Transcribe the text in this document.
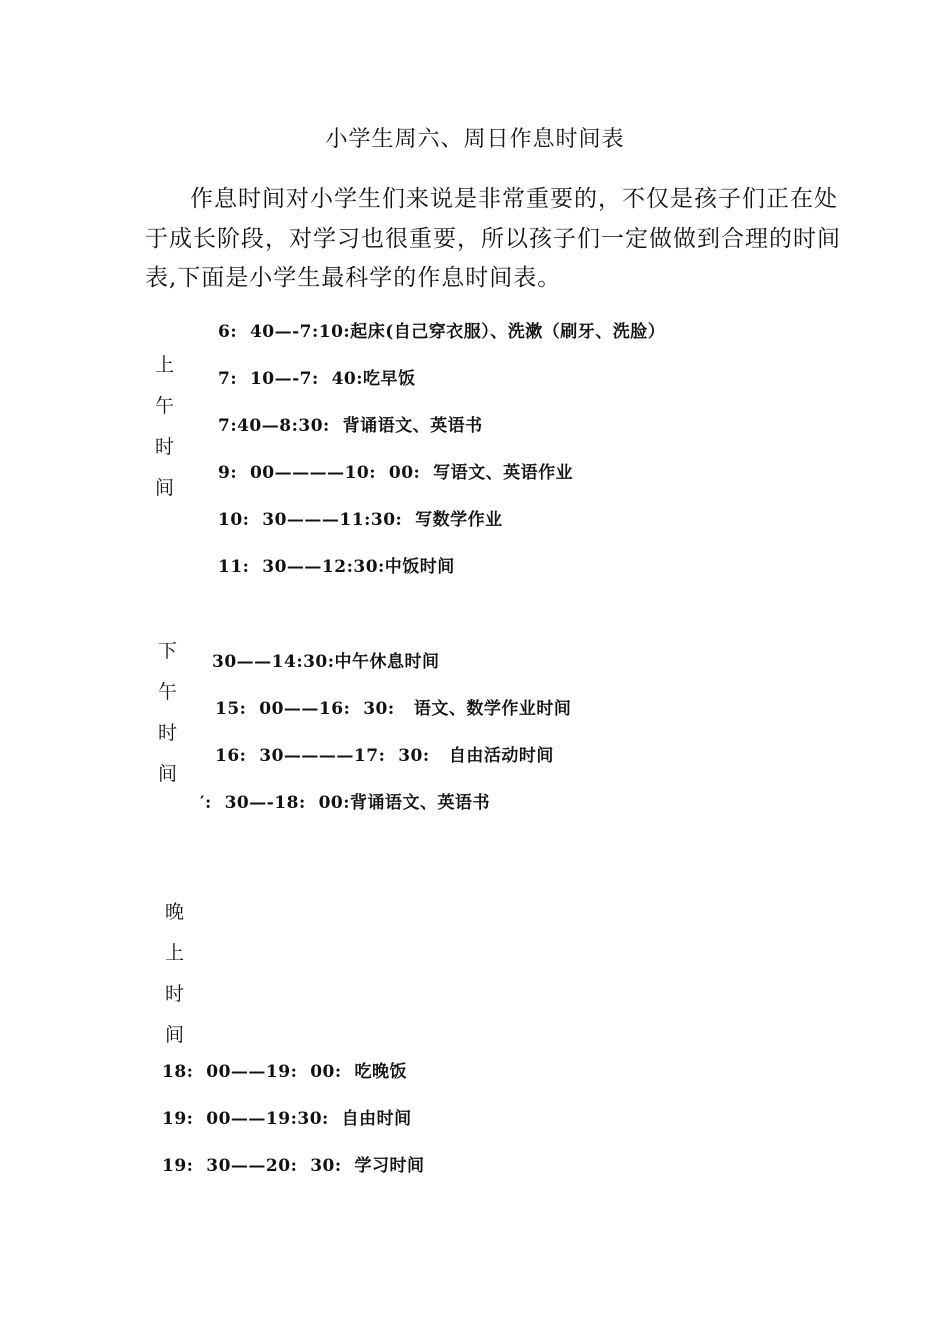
小学生周六、周日作息时间表
作息时间对小学生们来说是非常重要的，不仅是孩子们正在处
于成长阶段，对学习也很重要，所以孩子们一定做做到合理的时间
表,下面是小学生最科学的作息时间表。
上
午
时
间
6:  40—-7:10:起床(自己穿衣服）、洗漱（刷牙、洗脸）
7:  10—-7:  40:吃早饭
7:40—8:30:  背诵语文、英语书
9:  00————10:  00:  写语文、英语作业
10:  30———11:30:  写数学作业
11:  30——12:30:中饭时间
下
午
时
间
30——14:30:中午休息时间
15:  00——16:  30:   语文、数学作业时间
16:  30————17:  30:   自由活动时间
′:  30—-18:  00:背诵语文、英语书
晚
上
时
间
18:  00——19:  00:  吃晚饭
19:  00——19:30:  自由时间
19:  30——20:  30:  学习时间
